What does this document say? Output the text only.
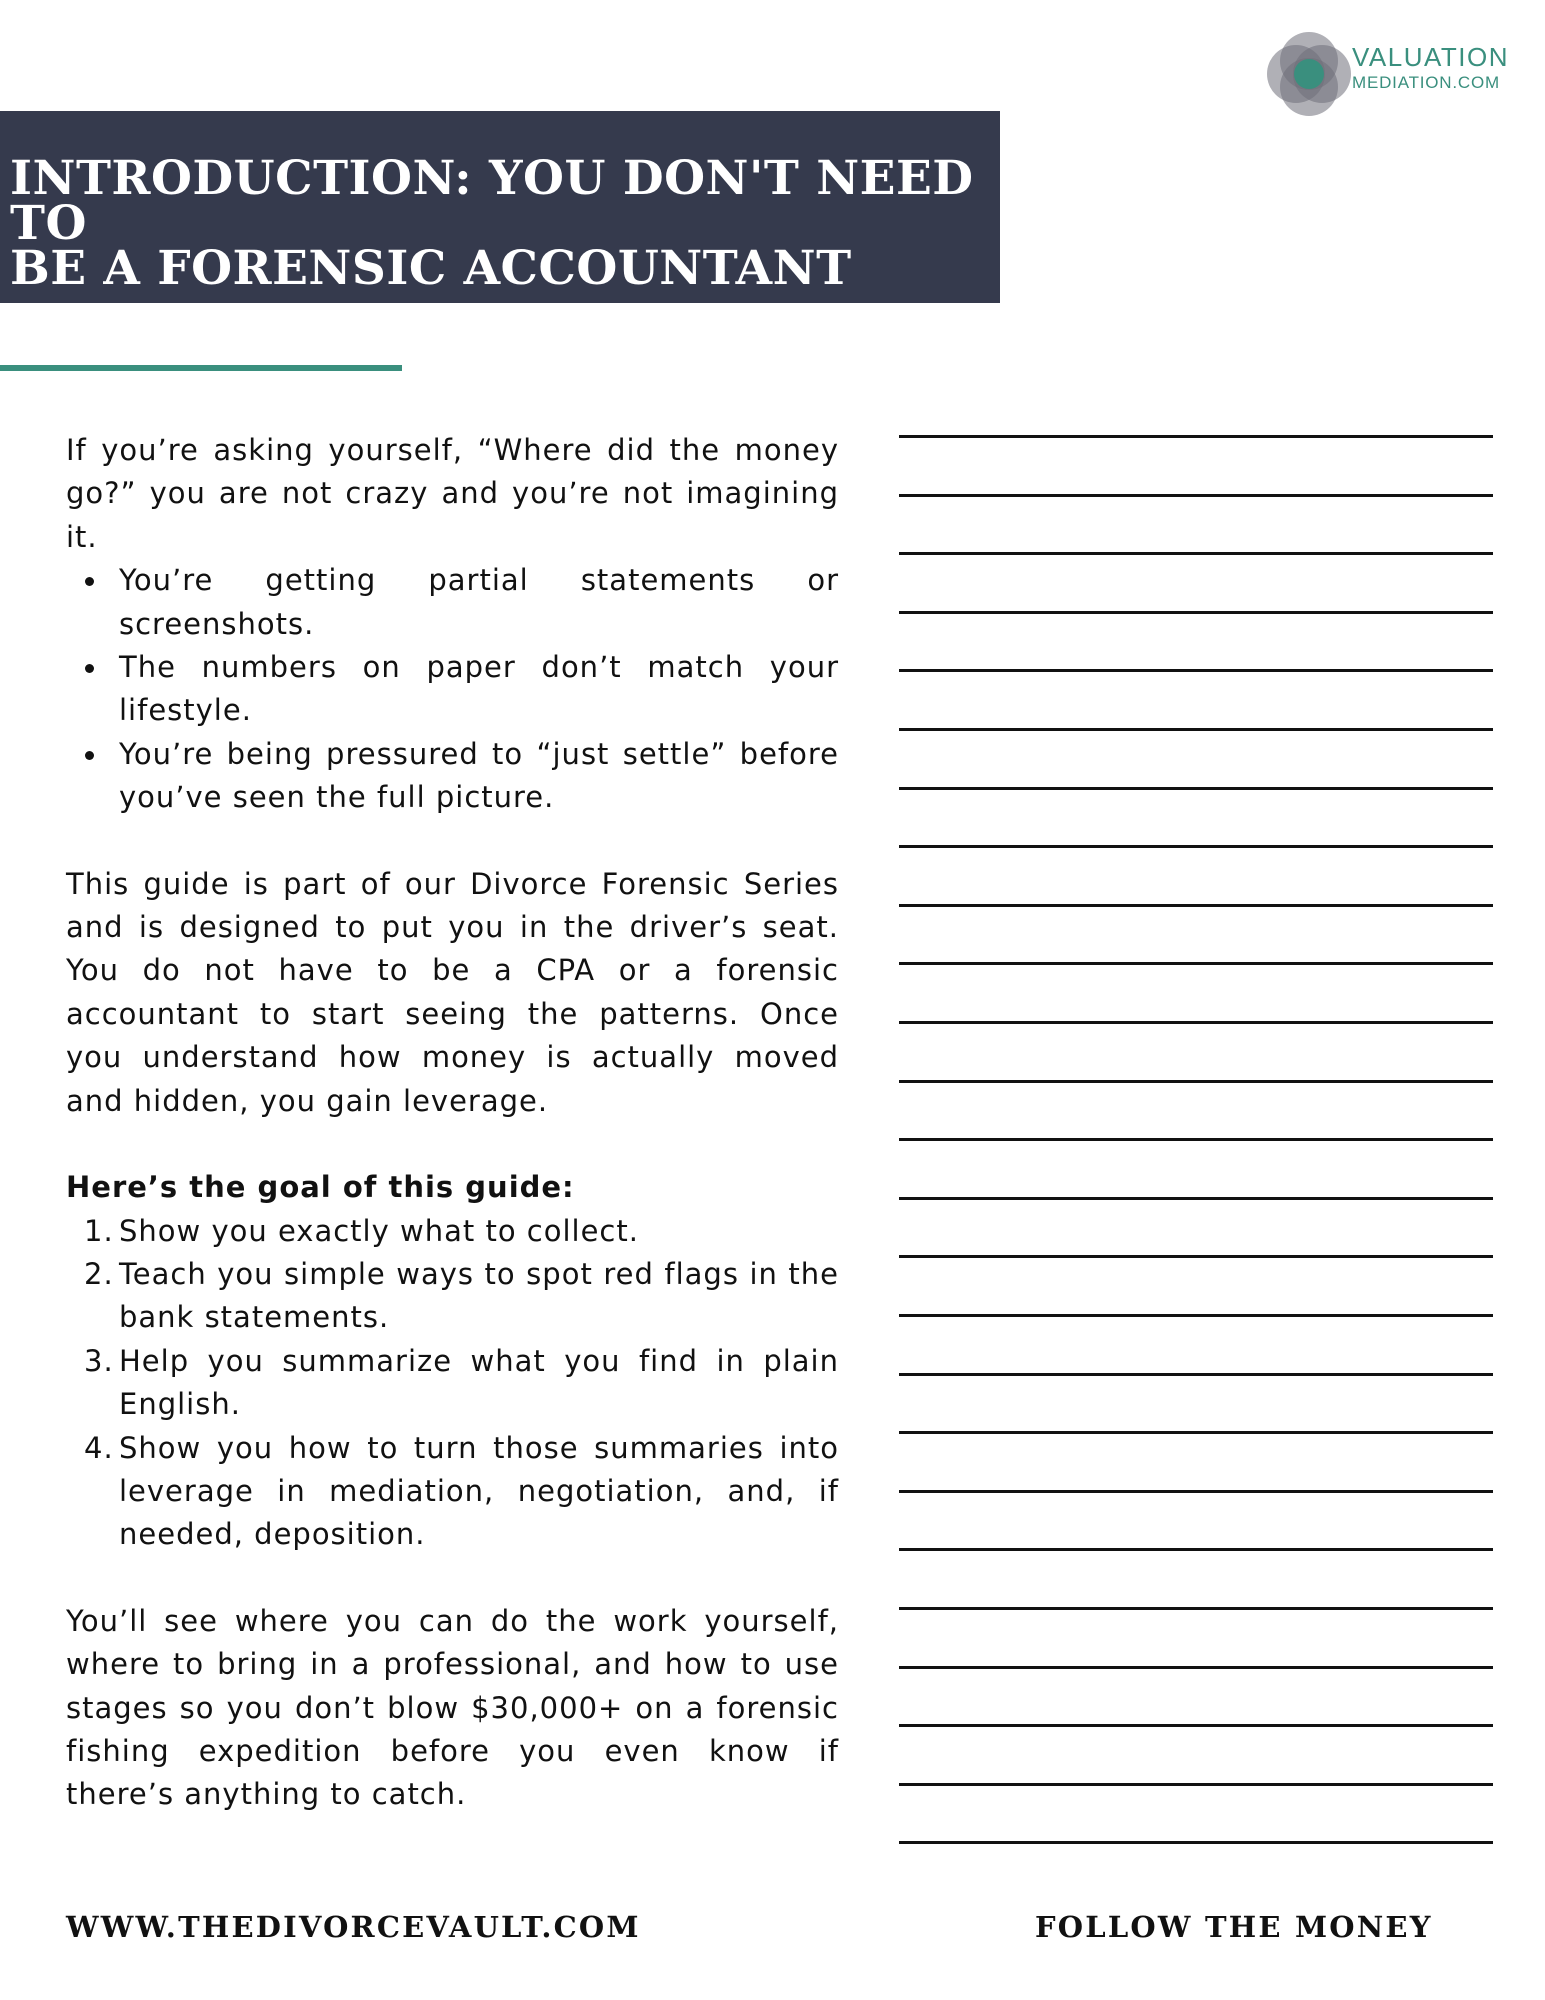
VALUATION
MEDIATION.COM
INTRODUCTION: YOU DON'T NEED TO
BE A FORENSIC ACCOUNTANT

If you’re asking yourself, “Where did the money go?” you are not crazy and you’re not imagining it.

You’re getting partial statements or screenshots.
The numbers on paper don’t match your lifestyle.
You’re being pressured to “just settle” before you’ve seen the full picture.

This guide is part of our Divorce Forensic Series and is designed to put you in the driver’s seat. You do not have to be a CPA or a forensic accountant to start seeing the patterns. Once you understand how money is actually moved and hidden, you gain leverage.

Here’s the goal of this guide:

1. Show you exactly what to collect.
2. Teach you simple ways to spot red flags in the bank statements.
3. Help you summarize what you find in plain English.
4. Show you how to turn those summaries into leverage in mediation, negotiation, and, if needed, deposition.

You’ll see where you can do the work yourself, where to bring in a professional, and how to use stages so you don’t blow $30,000+ on a forensic fishing expedition before you even know if there’s anything to catch.

WWW.THEDIVORCEVAULT.COM	FOLLOW THE MONEY
